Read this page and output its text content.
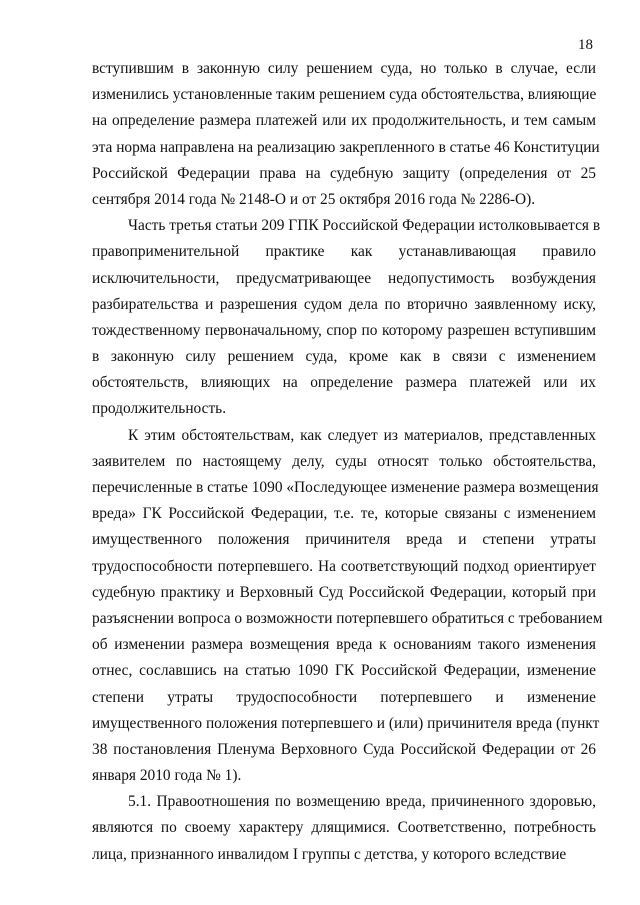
18
вступившим в законную силу решением суда, но только в случае, если
изменились установленные таким решением суда обстоятельства, влияющие
на определение размера платежей или их продолжительность, и тем самым
эта норма направлена на реализацию закрепленного в статье 46 Конституции
Российской Федерации права на судебную защиту (определения от 25
сентября 2014 года № 2148-О и от 25 октября 2016 года № 2286-О).
Часть третья статьи 209 ГПК Российской Федерации истолковывается в
правоприменительной практике как устанавливающая правило
исключительности, предусматривающее недопустимость возбуждения
разбирательства и разрешения судом дела по вторично заявленному иску,
тождественному первоначальному, спор по которому разрешен вступившим
в законную силу решением суда, кроме как в связи с изменением
обстоятельств, влияющих на определение размера платежей или их
продолжительность.
К этим обстоятельствам, как следует из материалов, представленных
заявителем по настоящему делу, суды относят только обстоятельства,
перечисленные в статье 1090 «Последующее изменение размера возмещения
вреда» ГК Российской Федерации, т.е. те, которые связаны с изменением
имущественного положения причинителя вреда и степени утраты
трудоспособности потерпевшего. На соответствующий подход ориентирует
судебную практику и Верховный Суд Российской Федерации, который при
разъяснении вопроса о возможности потерпевшего обратиться с требованием
об изменении размера возмещения вреда к основаниям такого изменения
отнес, сославшись на статью 1090 ГК Российской Федерации, изменение
степени утраты трудоспособности потерпевшего и изменение
имущественного положения потерпевшего и (или) причинителя вреда (пункт
38 постановления Пленума Верховного Суда Российской Федерации от 26
января 2010 года № 1).
5.1. Правоотношения по возмещению вреда, причиненного здоровью,
являются по своему характеру длящимися. Соответственно, потребность
лица, признанного инвалидом I группы с детства, у которого вследствие
